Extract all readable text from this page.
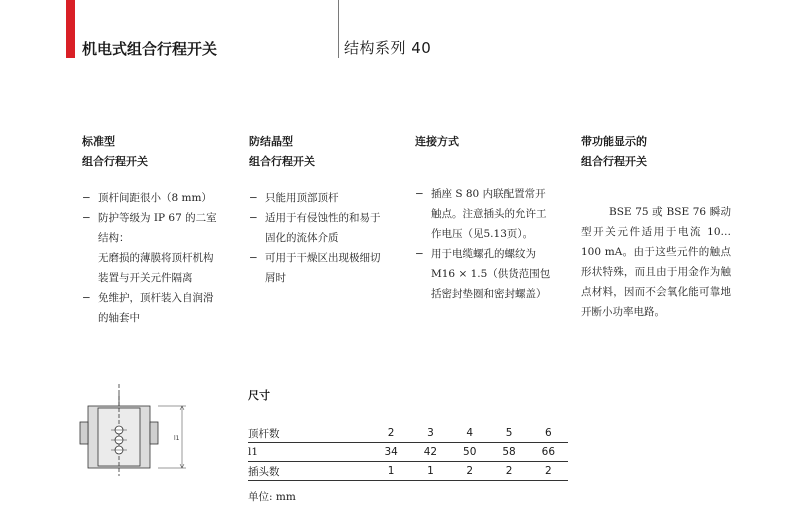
机电式组合行程开关	结构系列 40
标准型
组合行程开关
− 顶杆间距很小（8 mm）
− 防护等级为 IP 67 的二室
结构：
无磨损的薄膜将顶杆机构
装置与开关元件隔离
− 免维护，顶杆装入自润滑
的轴套中
防结晶型
组合行程开关
− 只能用顶部顶杆
− 适用于有侵蚀性的和易于
固化的流体介质
− 可用于干燥区出现极细切
屑时
连接方式

− 插座 S 80 内联配置常开
触点。注意插头的允许工
作电压（见5.13页）。
− 用于电缆螺孔的螺纹为
M16 × 1.5（供货范围包
括密封垫圈和密封螺盖）
带功能显示的
组合行程开关
BSE 75 或 BSE 76 瞬动型开关元件适用于电流 10…100 mA。由于这些元件的触点形状特殊，而且由于用金作为触点材料，因而不会氧化能可靠地开断小功率电路。
l1
尺寸
顶杆数	2	3	4	5	6
l1	34	42	50	58	66
插头数	1	1	2	2	2
单位: mm
